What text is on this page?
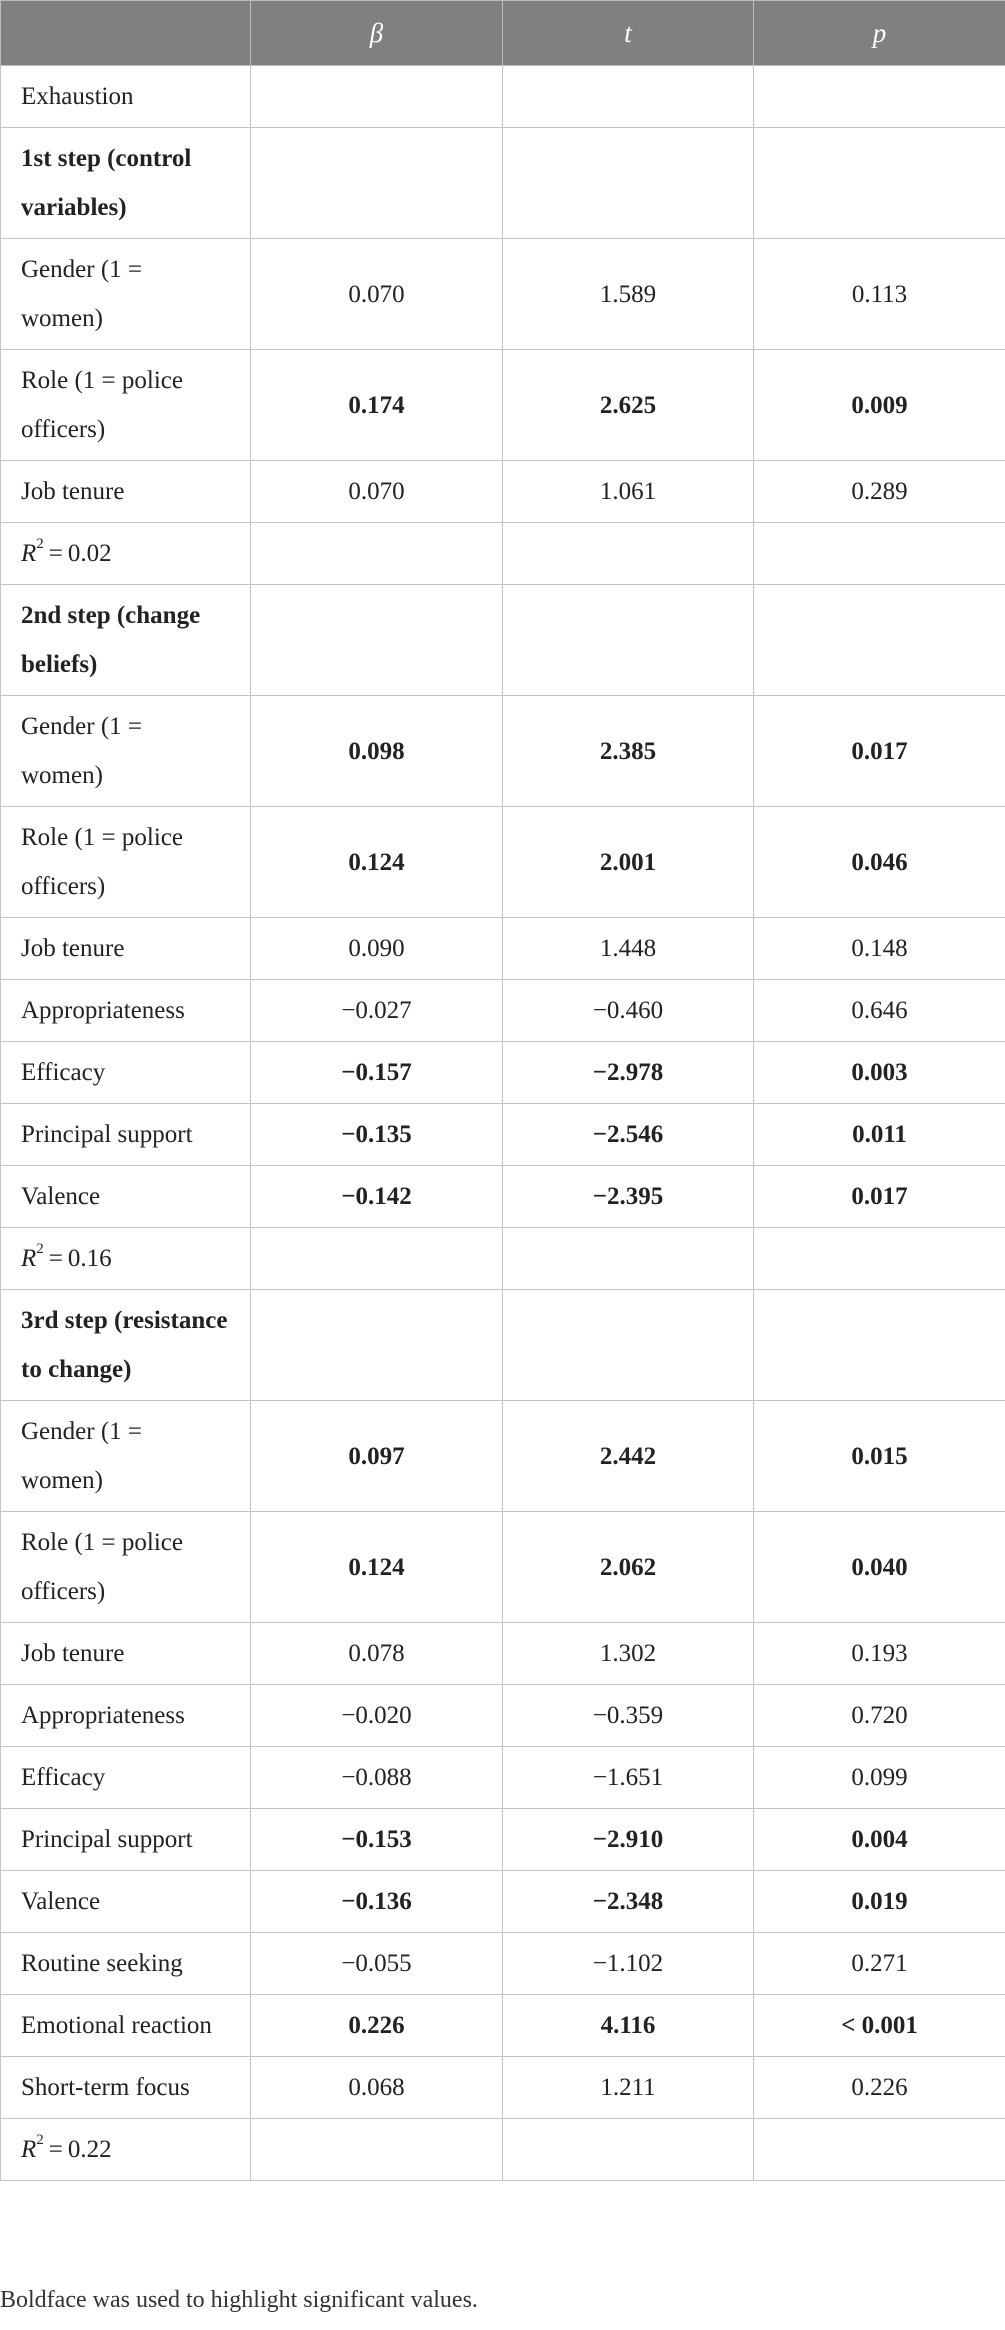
	β	t	p
Exhaustion			
1st step (control variables)			
Gender (1 = women)	0.070	1.589	0.113
Role (1 = police officers)	0.174	2.625	0.009
Job tenure	0.070	1.061	0.289
$R^2 = 0.02$			
2nd step (change beliefs)			
Gender (1 = women)	0.098	2.385	0.017
Role (1 = police officers)	0.124	2.001	0.046
Job tenure	0.090	1.448	0.148
Appropriateness	−0.027	−0.460	0.646
Efficacy	−0.157	−2.978	0.003
Principal support	−0.135	−2.546	0.011
Valence	−0.142	−2.395	0.017
$R^2 = 0.16$			
3rd step (resistance to change)			
Gender (1 = women)	0.097	2.442	0.015
Role (1 = police officers)	0.124	2.062	0.040
Job tenure	0.078	1.302	0.193
Appropriateness	−0.020	−0.359	0.720
Efficacy	−0.088	−1.651	0.099
Principal support	−0.153	−2.910	0.004
Valence	−0.136	−2.348	0.019
Routine seeking	−0.055	−1.102	0.271
Emotional reaction	0.226	4.116	< 0.001
Short-term focus	0.068	1.211	0.226
$R^2 = 0.22$			
Boldface was used to highlight significant values.
